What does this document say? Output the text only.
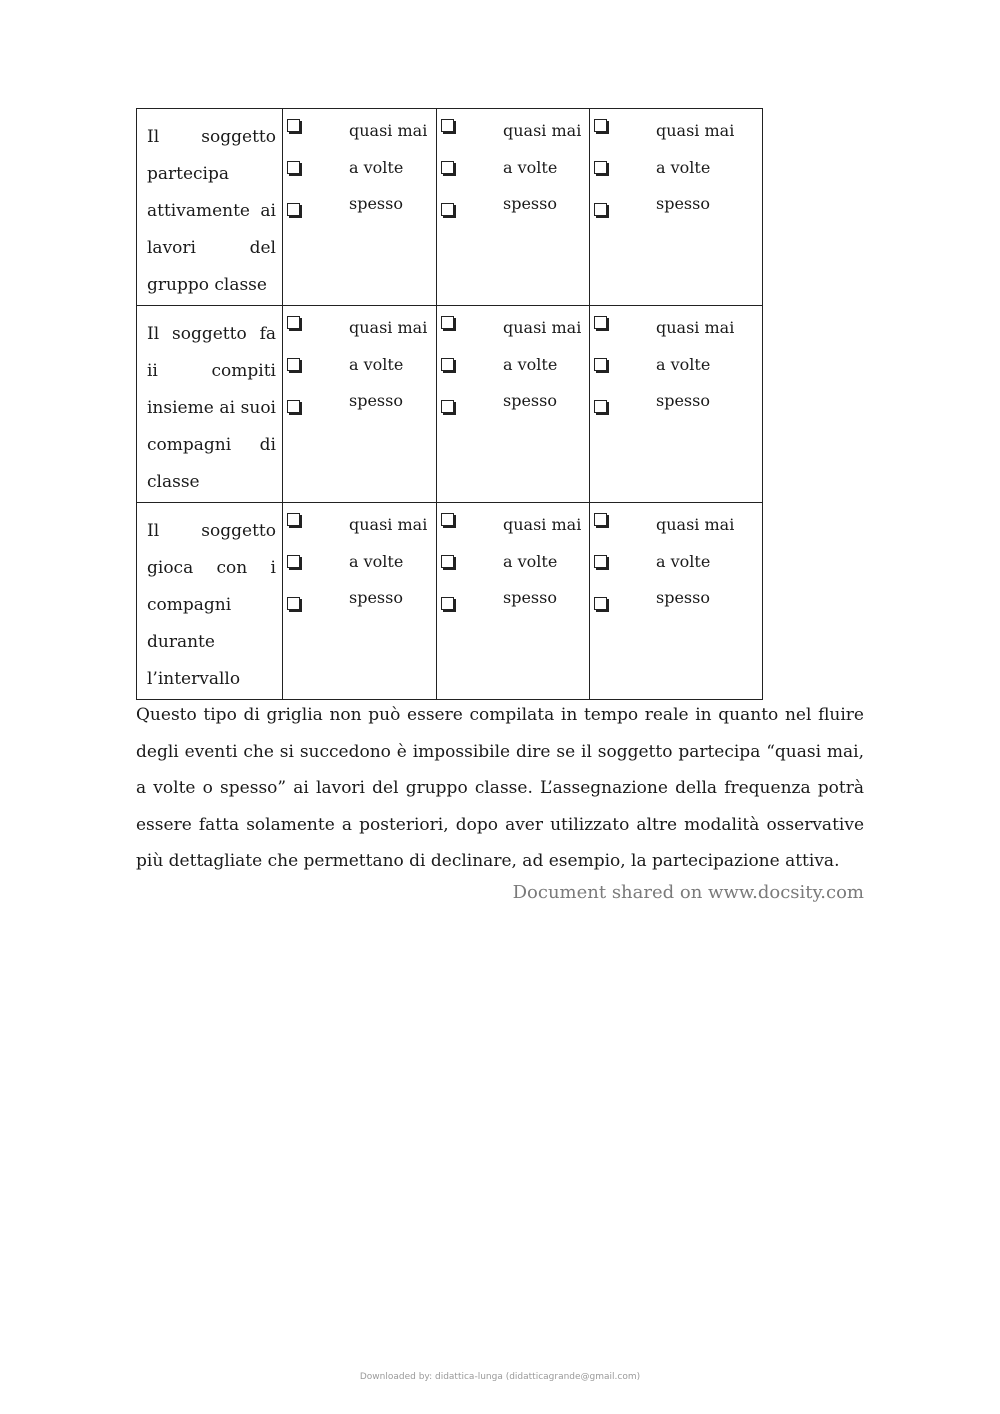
Il soggetto partecipa attivamente ai lavori del gruppo classe	quasi mai
a volte
spesso	quasi mai
a volte
spesso	quasi mai
a volte
spesso

Il soggetto fa ii compiti insieme ai suoi compagni di classe	quasi mai
a volte
spesso	quasi mai
a volte
spesso	quasi mai
a volte
spesso

Il soggetto gioca con i compagni durante l’intervallo	quasi mai
a volte
spesso	quasi mai
a volte
spesso	quasi mai
a volte
spesso

Questo tipo di griglia non può essere compilata in tempo reale in quanto nel fluire degli eventi che si succedono è impossibile dire se il soggetto partecipa “quasi mai, a volte o spesso” ai lavori del gruppo classe. L’assegnazione della frequenza potrà essere fatta solamente a posteriori, dopo aver utilizzato altre modalità osservative più dettagliate che permettano di declinare, ad esempio, la partecipazione attiva.

Document shared on www.docsity.com
Downloaded by: didattica-lunga (didatticagrande@gmail.com)
